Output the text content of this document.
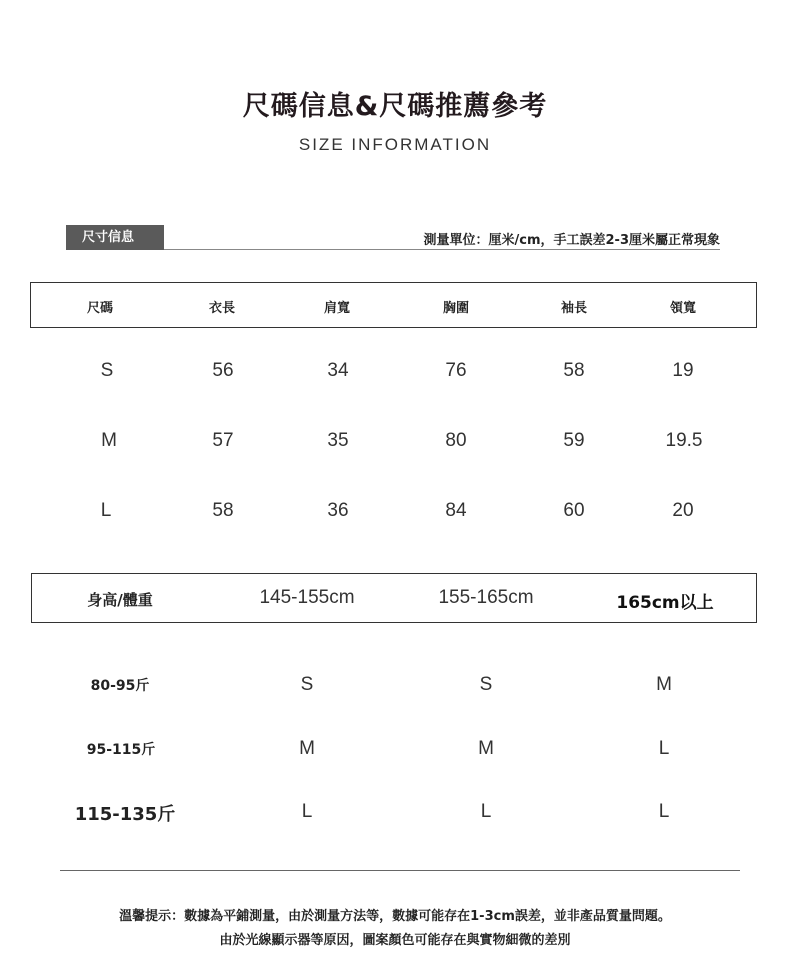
尺碼信息&尺碼推薦參考
SIZE INFORMATION
尺寸信息	測量單位：厘米/cm，手工誤差2-3厘米屬正常現象
尺碼	衣長	肩寬	胸圍	袖長	領寬
S	56	34	76	58	19
M	57	35	80	59	19.5
L	58	36	84	60	20
身高/體重	145-155cm	155-165cm	165cm以上
80-95斤	S	S	M
95-115斤	M	M	L
115-135斤	L	L	L
溫馨提示：數據為平鋪測量，由於測量方法等，數據可能存在1-3cm誤差，並非產品質量問題。
由於光線顯示器等原因，圖案顏色可能存在與實物細微的差別
